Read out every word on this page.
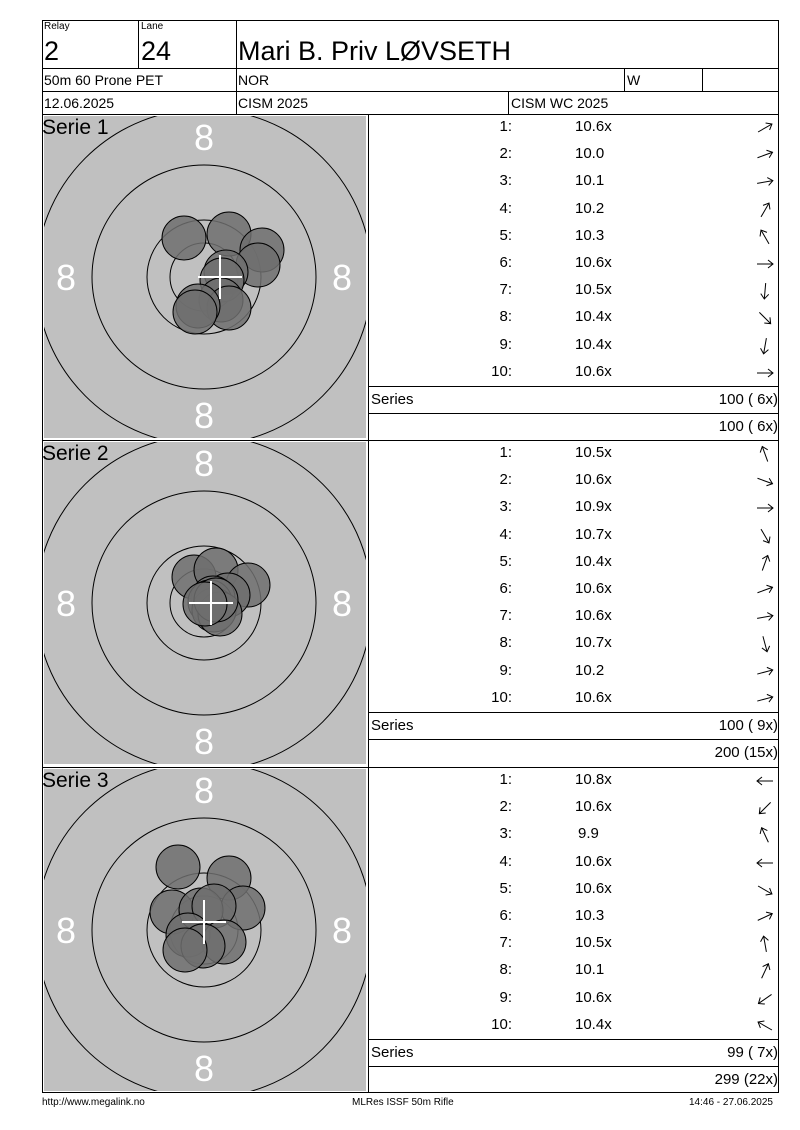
Relay
2
Lane
24 Mari B. Priv LØVSETH
50m 60 Prone PET	NOR	W
12.06.2025	CISM 2025	CISM WC 2025
8
8	8
8
Serie 1	1:	10.6x
2:	10.0
3:	10.1
4:	10.2
5:	10.3
6:	10.6x
7:	10.5x
8:	10.4x
9:	10.4x
10:	10.6x
Series	100 ( 6x)
100 ( 6x)
8
8	8
8
Serie 2	1:	10.5x
2:	10.6x
3:	10.9x
4:	10.7x
5:	10.4x
6:	10.6x
7:	10.6x
8:	10.7x
9:	10.2
10:	10.6x
Series	100 ( 9x)
200 (15x)
8
8	8
8
Serie 3	1:	10.8x
2:	10.6x
3:	9.9
4:	10.6x
5:	10.6x
6:	10.3
7:	10.5x
8:	10.1
9:	10.6x
10:	10.4x
Series	99 ( 7x)
299 (22x)
http://www.megalink.no	MLRes ISSF 50m Rifle	14:46 - 27.06.2025
